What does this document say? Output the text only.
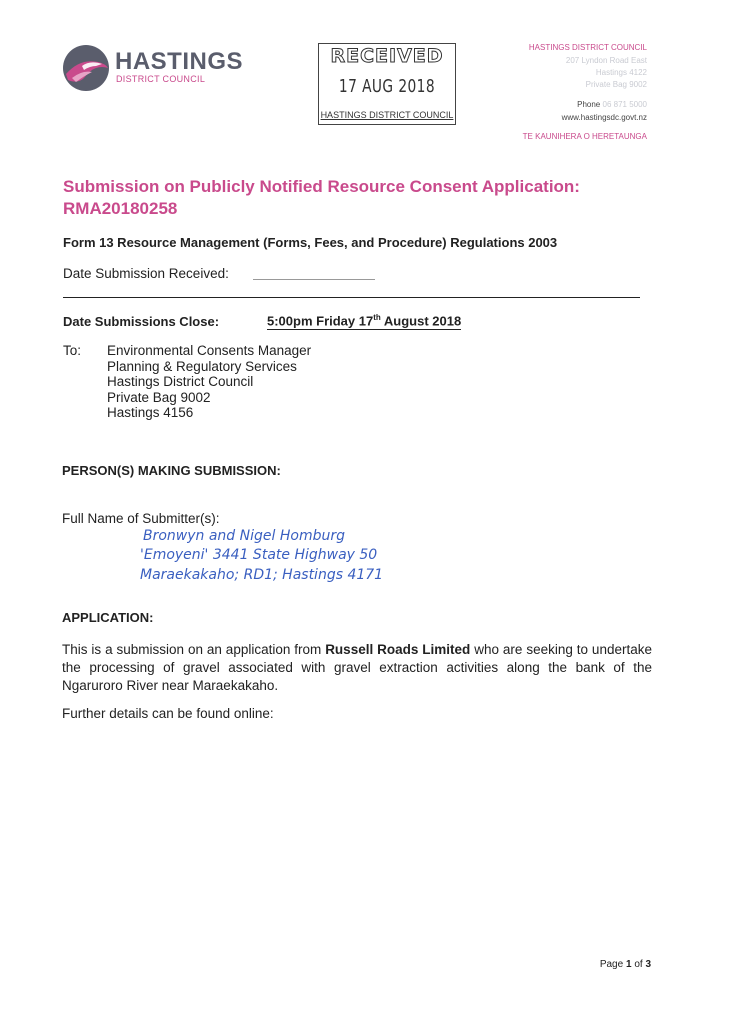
HASTINGS
DISTRICT COUNCIL
RECEIVED
17 AUG 2018
HASTINGS DISTRICT COUNCIL
HASTINGS DISTRICT COUNCIL
207 Lyndon Road East
Hastings 4122
Private Bag 9002
Phone 06 871 5000
www.hastingsdc.govt.nz
TE KAUNIHERA O HERETAUNGA
Submission on Publicly Notified Resource Consent Application:
RMA20180258
Form 13 Resource Management (Forms, Fees, and Procedure) Regulations 2003
Date Submission Received:
Date Submissions Close:	5:00pm Friday 17th August 2018
To: Environmental Consents Manager
Planning & Regulatory Services
Hastings District Council
Private Bag 9002
Hastings 4156
PERSON(S) MAKING SUBMISSION:
Full Name of Submitter(s):
Bronwyn and Nigel Homburg
'Emoyeni' 3441 State Highway 50
Maraekakaho; RD1; Hastings 4171
APPLICATION:
This is a submission on an application from Russell Roads Limited who are seeking to undertake the processing of gravel associated with gravel extraction activities along the bank of the Ngaruroro River near Maraekakaho.
Further details can be found online:
Page 1 of 3
